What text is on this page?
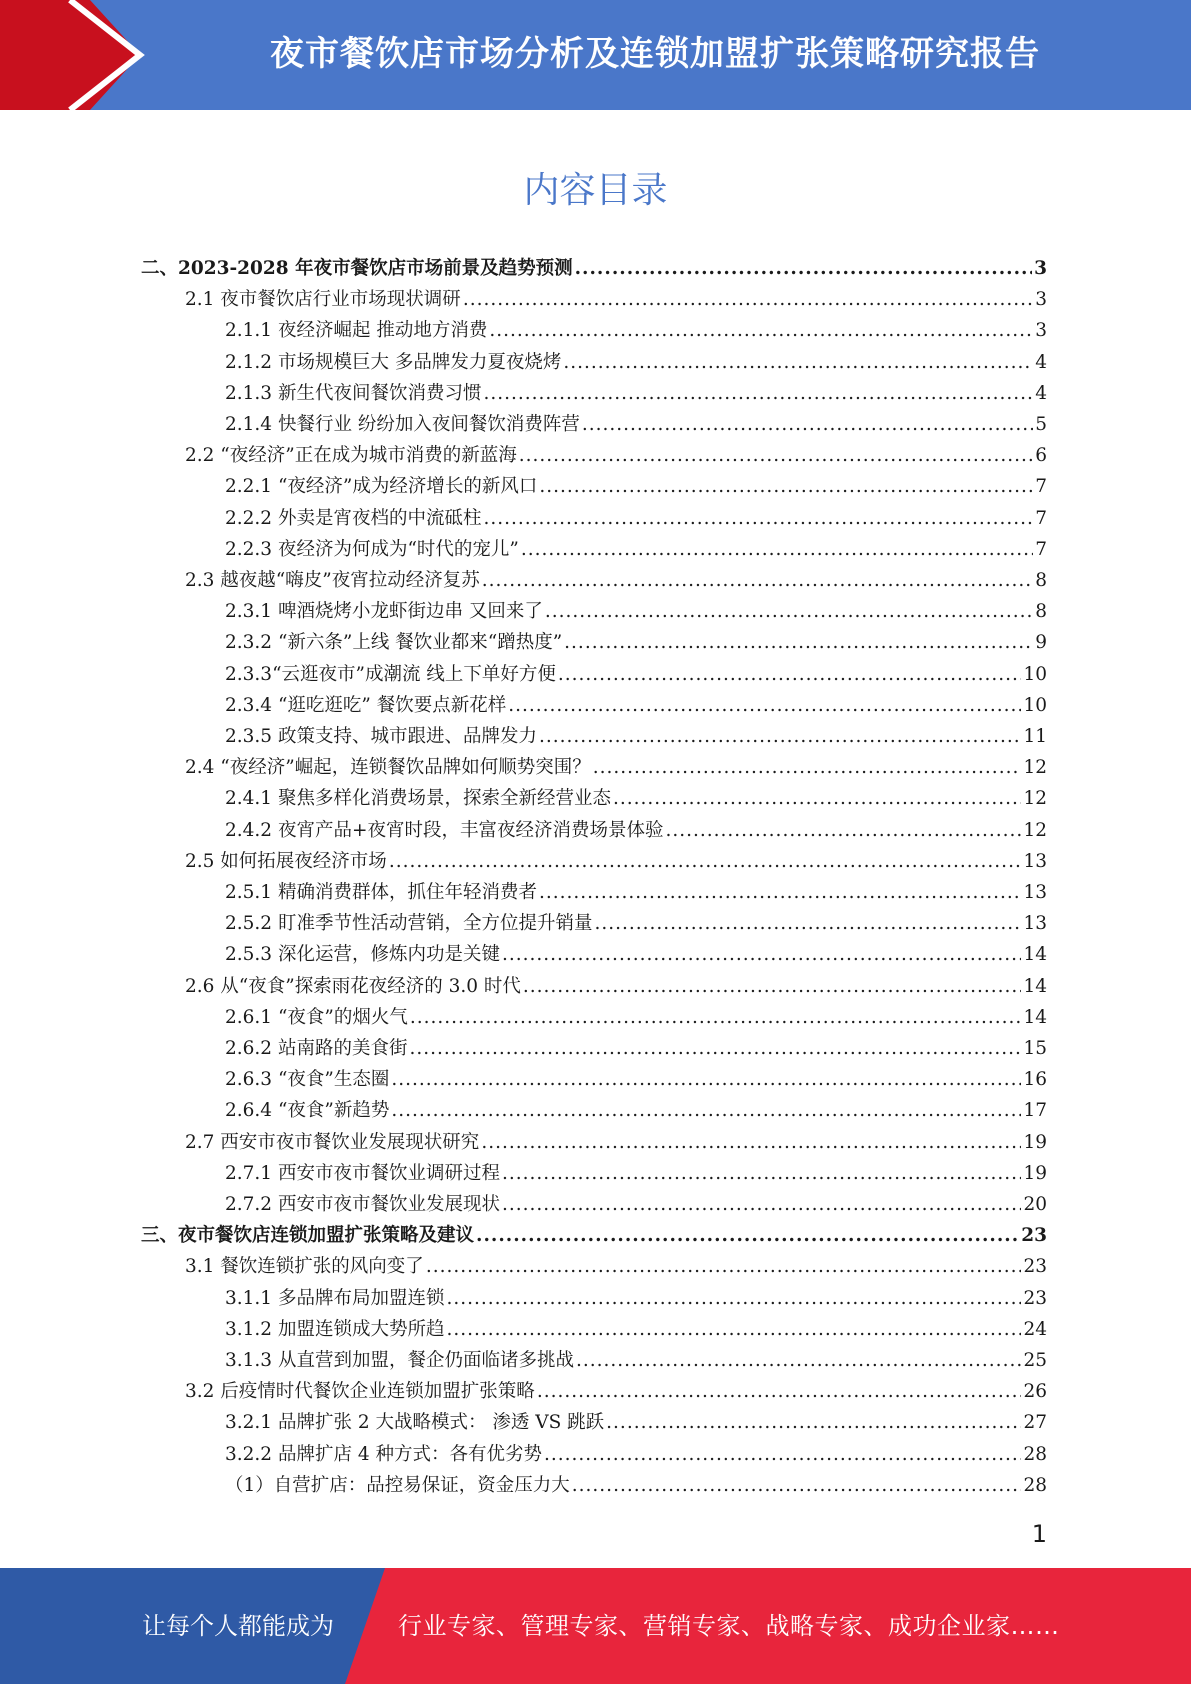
夜市餐饮店市场分析及连锁加盟扩张策略研究报告
内容目录
二、2023-2028 年夜市餐饮店市场前景及趋势预测 .....	3
2.1 夜市餐饮店行业市场现状调研 .....	3
2.1.1 夜经济崛起 推动地方消费 .....	3
2.1.2 市场规模巨大 多品牌发力夏夜烧烤 .....	4
2.1.3 新生代夜间餐饮消费习惯 .....	4
2.1.4 快餐行业 纷纷加入夜间餐饮消费阵营 .....	5
2.2 “夜经济”正在成为城市消费的新蓝海 .....	6
2.2.1 “夜经济”成为经济增长的新风口 .....	7
2.2.2 外卖是宵夜档的中流砥柱 .....	7
2.2.3 夜经济为何成为“时代的宠儿” .....	7
2.3 越夜越“嗨皮”夜宵拉动经济复苏 .....	8
2.3.1 啤酒烧烤小龙虾街边串 又回来了 .....	8
2.3.2 “新六条”上线 餐饮业都来“蹭热度” .....	9
2.3.3“云逛夜市”成潮流 线上下单好方便 .....	10
2.3.4 “逛吃逛吃” 餐饮要点新花样 .....	10
2.3.5 政策支持、城市跟进、品牌发力 .....	11
2.4 “夜经济”崛起，连锁餐饮品牌如何顺势突围？ .....	12
2.4.1 聚焦多样化消费场景，探索全新经营业态 .....	12
2.4.2 夜宵产品+夜宵时段，丰富夜经济消费场景体验 .....	12
2.5 如何拓展夜经济市场 .....	13
2.5.1 精确消费群体，抓住年轻消费者 .....	13
2.5.2 盯准季节性活动营销，全方位提升销量 .....	13
2.5.3 深化运营，修炼内功是关键 .....	14
2.6 从“夜食”探索雨花夜经济的 3.0 时代 .....	14
2.6.1 “夜食”的烟火气 .....	14
2.6.2 站南路的美食街 .....	15
2.6.3 “夜食”生态圈 .....	16
2.6.4 “夜食”新趋势 .....	17
2.7 西安市夜市餐饮业发展现状研究 .....	19
2.7.1 西安市夜市餐饮业调研过程 .....	19
2.7.2 西安市夜市餐饮业发展现状 .....	20
三、夜市餐饮店连锁加盟扩张策略及建议 .....	23
3.1 餐饮连锁扩张的风向变了 .....	23
3.1.1 多品牌布局加盟连锁 .....	23
3.1.2 加盟连锁成大势所趋 .....	24
3.1.3 从直营到加盟，餐企仍面临诸多挑战 .....	25
3.2 后疫情时代餐饮企业连锁加盟扩张策略 .....	26
3.2.1 品牌扩张 2 大战略模式： 渗透 VS 跳跃 .....	27
3.2.2 品牌扩店 4 种方式：各有优劣势 .....	28
（1）自营扩店：品控易保证，资金压力大 .....	28
1
让每个人都能成为	行业专家、管理专家、营销专家、战略专家、成功企业家……
